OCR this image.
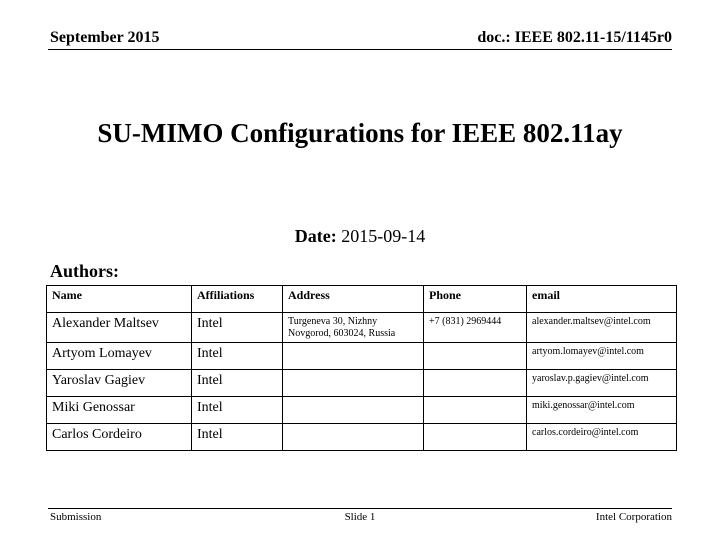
September 2015	doc.: IEEE 802.11-15/1145r0
SU-MIMO Configurations for IEEE 802.11ay
Date: 2015-09-14
Authors:
Name	Affiliations	Address	Phone	email
Alexander Maltsev	Intel	Turgeneva 30, Nizhny Novgorod, 603024, Russia	+7 (831) 2969444	alexander.maltsev@intel.com
Artyom Lomayev	Intel			artyom.lomayev@intel.com
Yaroslav Gagiev	Intel			yaroslav.p.gagiev@intel.com
Miki Genossar	Intel			miki.genossar@intel.com
Carlos Cordeiro	Intel			carlos.cordeiro@intel.com
Submission	Slide 1	Intel Corporation
